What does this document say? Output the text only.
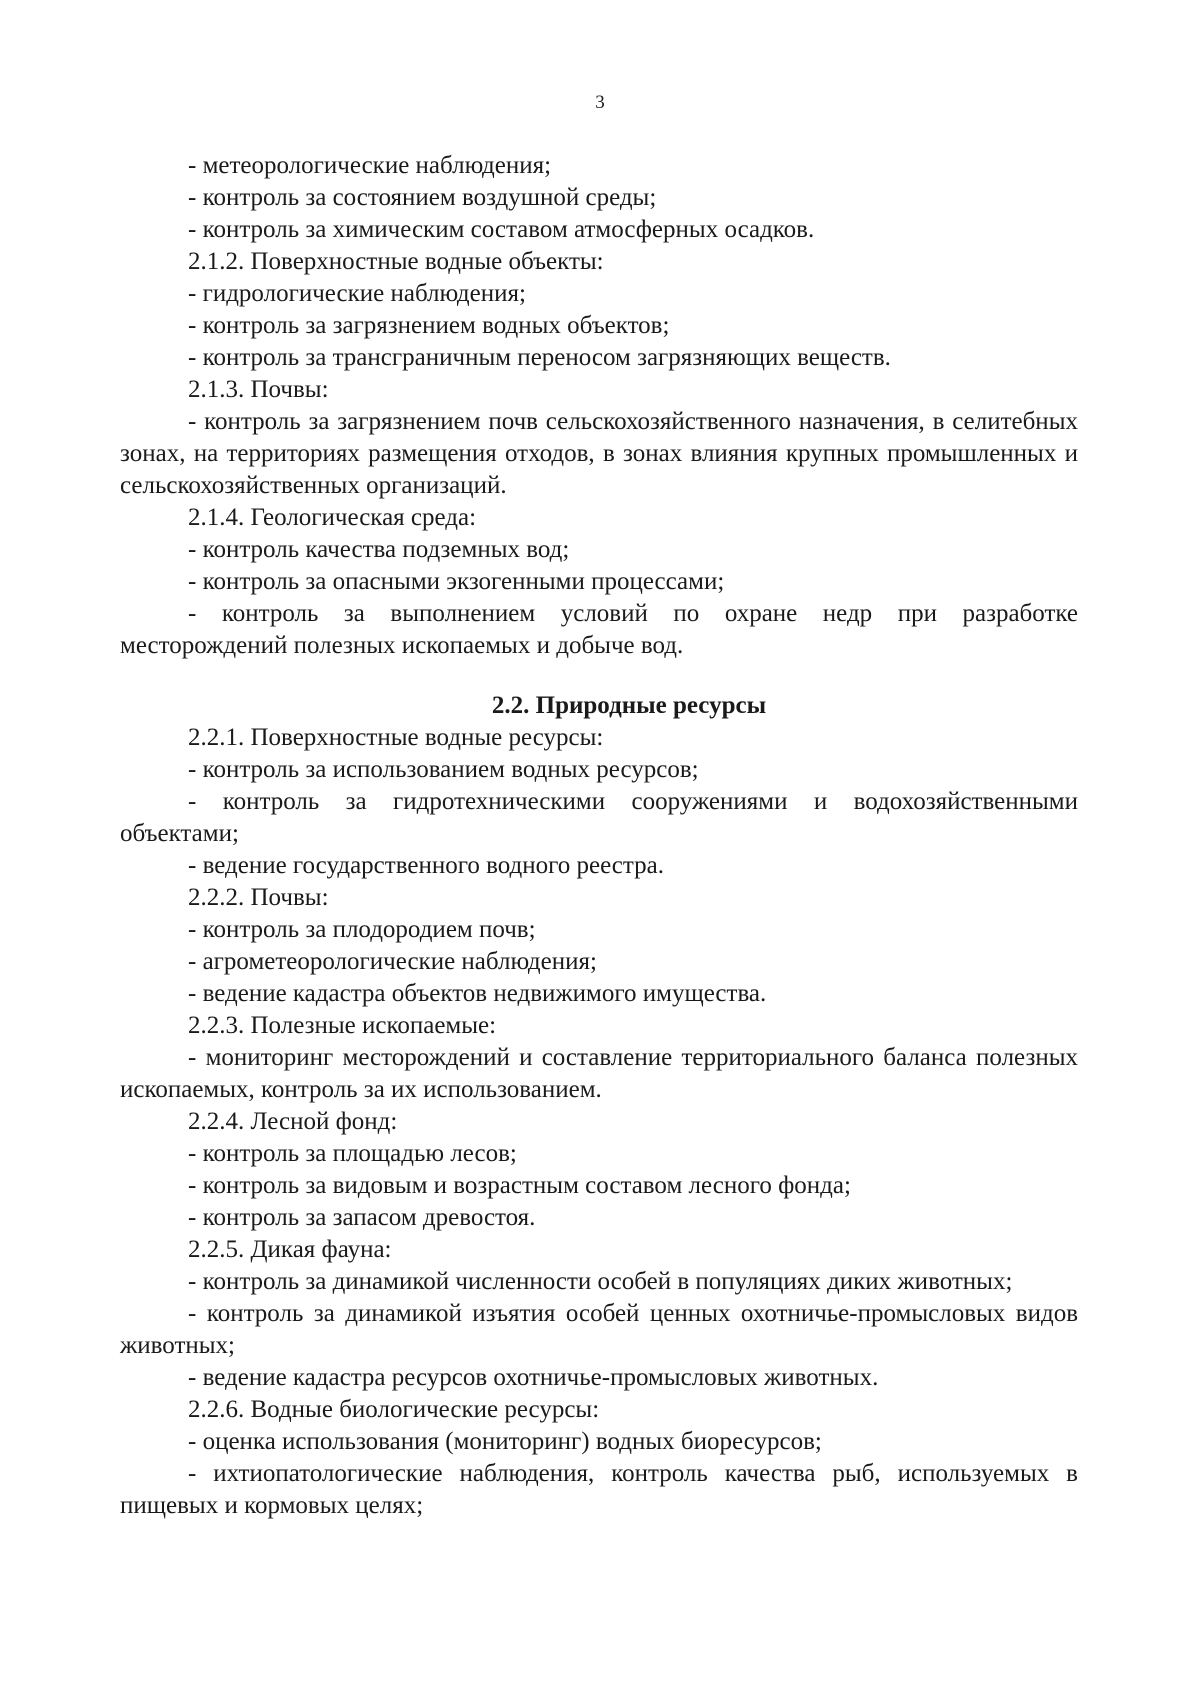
3
- метеорологические наблюдения;
- контроль за состоянием воздушной среды;
- контроль за химическим составом атмосферных осадков.
2.1.2. Поверхностные водные объекты:
- гидрологические наблюдения;
- контроль за загрязнением водных объектов;
- контроль за трансграничным переносом загрязняющих веществ.
2.1.3. Почвы:
- контроль за загрязнением почв сельскохозяйственного назначения, в селитебных зонах, на территориях размещения отходов, в зонах влияния крупных промышленных и сельскохозяйственных организаций.
2.1.4. Геологическая среда:
- контроль качества подземных вод;
- контроль за опасными экзогенными процессами;
- контроль за выполнением условий по охране недр при разработке месторождений полезных ископаемых и добыче вод.
2.2. Природные ресурсы
2.2.1. Поверхностные водные ресурсы:
- контроль за использованием водных ресурсов;
- контроль за гидротехническими сооружениями и водохозяйственными объектами;
- ведение государственного водного реестра.
2.2.2. Почвы:
- контроль за плодородием почв;
- агрометеорологические наблюдения;
- ведение кадастра объектов недвижимого имущества.
2.2.3. Полезные ископаемые:
- мониторинг месторождений и составление территориального баланса полезных ископаемых, контроль за их использованием.
2.2.4. Лесной фонд:
- контроль за площадью лесов;
- контроль за видовым и возрастным составом лесного фонда;
- контроль за запасом древостоя.
2.2.5. Дикая фауна:
- контроль за динамикой численности особей в популяциях диких животных;
- контроль за динамикой изъятия особей ценных охотничье-промысловых видов животных;
- ведение кадастра ресурсов охотничье-промысловых животных.
2.2.6. Водные биологические ресурсы:
- оценка использования (мониторинг) водных биоресурсов;
- ихтиопатологические наблюдения, контроль качества рыб, используемых в пищевых и кормовых целях;
